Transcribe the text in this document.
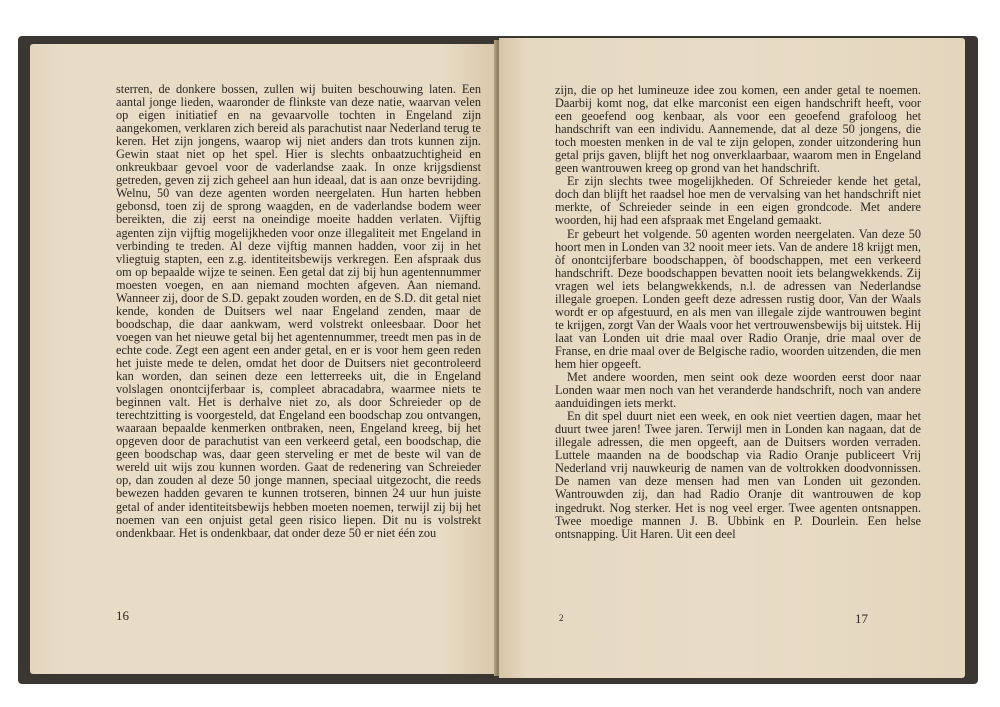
sterren, de donkere bossen, zullen wij buiten beschouwing laten. Een aantal jonge lieden, waaronder de flinkste van deze natie, waarvan velen op eigen initiatief en na gevaarvolle tochten in Engeland zijn aangekomen, verklaren zich bereid als parachutist naar Nederland terug te keren. Het zijn jongens, waarop wij niet anders dan trots kunnen zijn. Gewin staat niet op het spel. Hier is slechts onbaatzuchtigheid en onkreukbaar gevoel voor de vaderlandse zaak. In onze krijgsdienst getreden, geven zij zich geheel aan hun ideaal, dat is aan onze bevrijding. Welnu, 50 van deze agenten worden neergelaten. Hun harten hebben gebonsd, toen zij de sprong waagden, en de vaderlandse bodem weer bereikten, die zij eerst na oneindige moeite hadden verlaten. Vijftig agenten zijn vijftig mogelijkheden voor onze illegaliteit met Engeland in verbinding te treden. Al deze vijftig mannen hadden, voor zij in het vliegtuig stapten, een z.g. identiteitsbewijs verkregen. Een afspraak dus om op bepaalde wijze te seinen. Een getal dat zij bij hun agentennummer moesten voegen, en aan niemand mochten afgeven. Aan niemand. Wanneer zij, door de S.D. gepakt zouden worden, en de S.D. dit getal niet kende, konden de Duitsers wel naar Engeland zenden, maar de boodschap, die daar aankwam, werd volstrekt onleesbaar. Door het voegen van het nieuwe getal bij het agentennummer, treedt men pas in de echte code. Zegt een agent een ander getal, en er is voor hem geen reden het juiste mede te delen, omdat het door de Duitsers niet gecontroleerd kan worden, dan seinen deze een letterreeks uit, die in Engeland volslagen onontcijferbaar is, compleet abracadabra, waarmee niets te beginnen valt. Het is derhalve niet zo, als door Schreieder op de terechtzitting is voorgesteld, dat Engeland een boodschap zou ontvangen, waaraan bepaalde kenmerken ontbraken, neen, Engeland kreeg, bij het opgeven door de parachutist van een verkeerd getal, een boodschap, die geen boodschap was, daar geen sterveling er met de beste wil van de wereld uit wijs zou kunnen worden. Gaat de redenering van Schreieder op, dan zouden al deze 50 jonge mannen, speciaal uitgezocht, die reeds bewezen hadden gevaren te kunnen trotseren, binnen 24 uur hun juiste getal of ander identiteitsbewijs hebben moeten noemen, terwijl zij bij het noemen van een onjuist getal geen risico liepen. Dit nu is volstrekt ondenkbaar. Het is ondenkbaar, dat onder deze 50 er niet één zou

16

zijn, die op het lumineuze idee zou komen, een ander getal te noemen. Daarbij komt nog, dat elke marconist een eigen handschrift heeft, voor een geoefend oog kenbaar, als voor een geoefend grafoloog het handschrift van een individu. Aannemende, dat al deze 50 jongens, die toch moesten menken in de val te zijn gelopen, zonder uitzondering hun getal prijs gaven, blijft het nog onverklaarbaar, waarom men in Engeland geen wantrouwen kreeg op grond van het handschrift.

Er zijn slechts twee mogelijkheden. Of Schreieder kende het getal, doch dan blijft het raadsel hoe men de vervalsing van het handschrift niet merkte, of Schreieder seinde in een eigen grondcode. Met andere woorden, hij had een afspraak met Engeland gemaakt.

Er gebeurt het volgende. 50 agenten worden neergelaten. Van deze 50 hoort men in Londen van 32 nooit meer iets. Van de andere 18 krijgt men, òf onontcijferbare boodschappen, òf boodschappen, met een verkeerd handschrift. Deze boodschappen bevatten nooit iets belangwekkends. Zij vragen wel iets belangwekkends, n.l. de adressen van Nederlandse illegale groepen. Londen geeft deze adressen rustig door, Van der Waals wordt er op afgestuurd, en als men van illegale zijde wantrouwen begint te krijgen, zorgt Van der Waals voor het vertrouwensbewijs bij uitstek. Hij laat van Londen uit drie maal over Radio Oranje, drie maal over de Franse, en drie maal over de Belgische radio, woorden uitzenden, die men hem hier opgeeft.

Met andere woorden, men seint ook deze woorden eerst door naar Londen waar men noch van het veranderde handschrift, noch van andere aanduidingen iets merkt.

En dit spel duurt niet een week, en ook niet veertien dagen, maar het duurt twee jaren! Twee jaren. Terwijl men in Londen kan nagaan, dat de illegale adressen, die men opgeeft, aan de Duitsers worden verraden. Luttele maanden na de boodschap via Radio Oranje publiceert Vrij Nederland vrij nauwkeurig de namen van de voltrokken doodvonnissen. De namen van deze mensen had men van Londen uit gezonden. Wantrouwden zij, dan had Radio Oranje dit wantrouwen de kop ingedrukt. Nog sterker. Het is nog veel erger. Twee agenten ontsnappen. Twee moedige mannen J. B. Ubbink en P. Dourlein. Een helse ontsnapping. Uit Haren. Uit een deel

2	17
